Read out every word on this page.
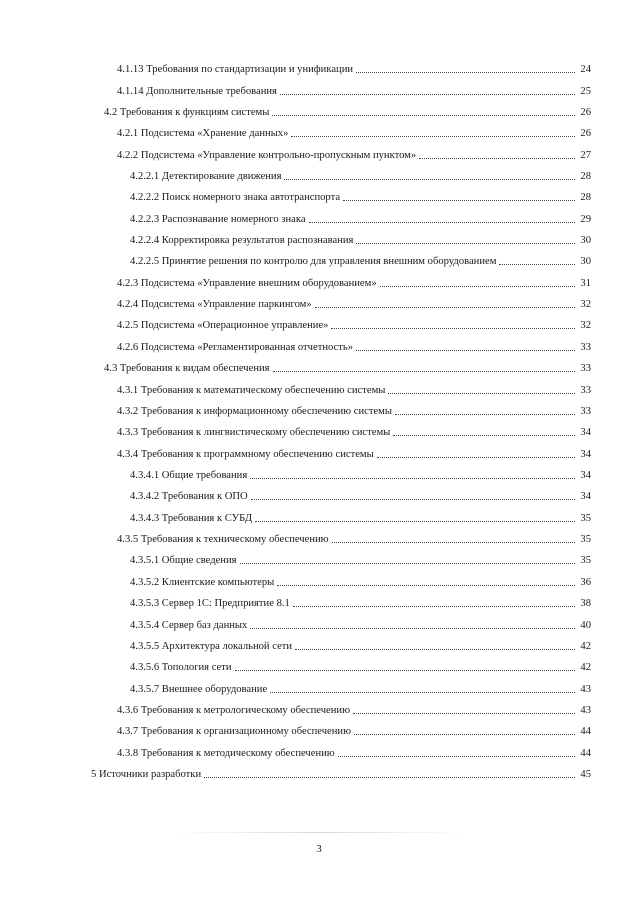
4.1.13 Требования по стандартизации и унификации	24
4.1.14 Дополнительные требования	25
4.2 Требования к функциям системы	26
4.2.1 Подсистема «Хранение данных»	26
4.2.2 Подсистема «Управление контрольно-пропускным пунктом»	27
4.2.2.1 Детектирование движения	28
4.2.2.2 Поиск номерного знака автотранспорта	28
4.2.2.3 Распознавание номерного знака	29
4.2.2.4 Корректировка результатов распознавания	30
4.2.2.5 Принятие решения по контролю для управления внешним оборудованием	30
4.2.3 Подсистема «Управление внешним оборудованием»	31
4.2.4 Подсистема «Управление паркингом»	32
4.2.5 Подсистема «Операционное управление»	32
4.2.6 Подсистема «Регламентированная отчетность»	33
4.3 Требования к видам обеспечения	33
4.3.1 Требования к математическому обеспечению системы	33
4.3.2 Требования к информационному обеспечению системы	33
4.3.3 Требования к лингвистическому обеспечению системы	34
4.3.4 Требования к программному обеспечению системы	34
4.3.4.1 Общие требования	34
4.3.4.2 Требования к ОПО	34
4.3.4.3 Требования к СУБД	35
4.3.5 Требования к техническому обеспечению	35
4.3.5.1 Общие сведения	35
4.3.5.2 Клиентские компьютеры	36
4.3.5.3 Сервер 1С: Предприятие 8.1	38
4.3.5.4 Сервер баз данных	40
4.3.5.5 Архитектура локальной сети	42
4.3.5.6 Топология сети	42
4.3.5.7 Внешнее оборудование	43
4.3.6 Требования к метрологическому обеспечению	43
4.3.7 Требования к организационному обеспечению	44
4.3.8 Требования к методическому обеспечению	44
5 Источники разработки	45
3
